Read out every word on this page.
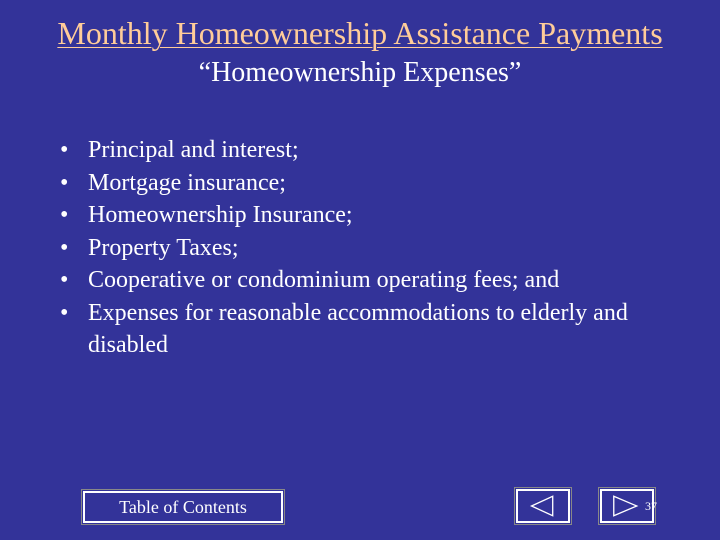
Monthly Homeownership Assistance Payments
“Homeownership Expenses”
• Principal and interest;
• Mortgage insurance;
• Homeownership Insurance;
• Property Taxes;
• Cooperative or condominium operating fees; and
• Expenses for reasonable accommodations to elderly and disabled
Table of Contents	37
